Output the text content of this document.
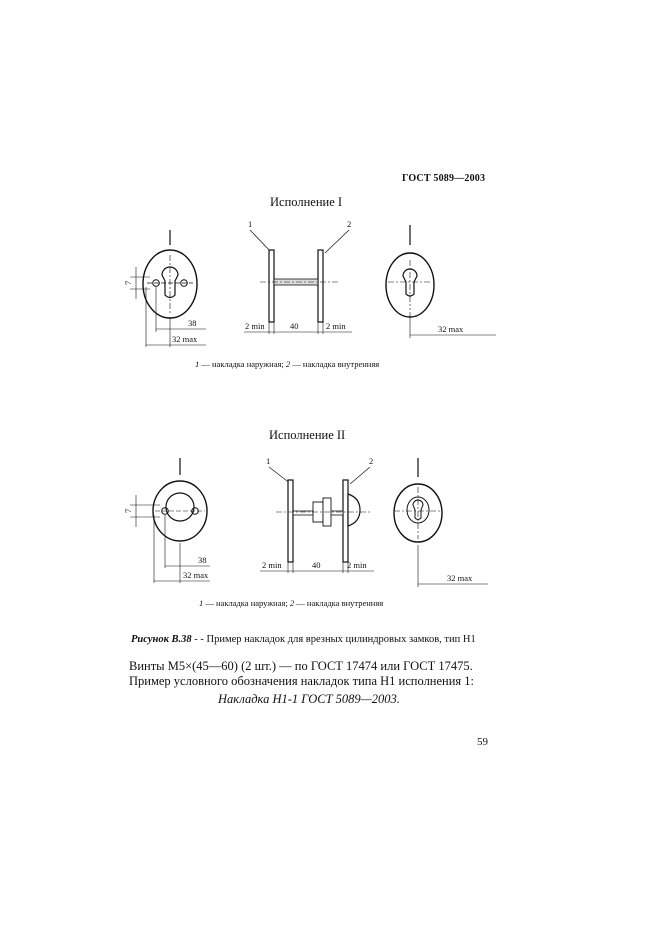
ГОСТ 5089—2003
Исполнение I
7
38
32 max
1	2
2 min	40	2 min	32 max
1 — накладка наружная; 2 — накладка внутренняя
Исполнение II
7
38
32 max
1	2
2 min	40	2 min
32 max
1 — накладка наружная; 2 — накладка внутренняя
Рисунок В.38 - - Пример накладок для врезных цилиндровых замков, тип Н1
Винты М5×(45—60) (2 шт.) — по ГОСТ 17474 или ГОСТ 17475.
Пример условного обозначения накладок типа Н1 исполнения 1:
Накладка Н1-1 ГОСТ 5089—2003.
59
